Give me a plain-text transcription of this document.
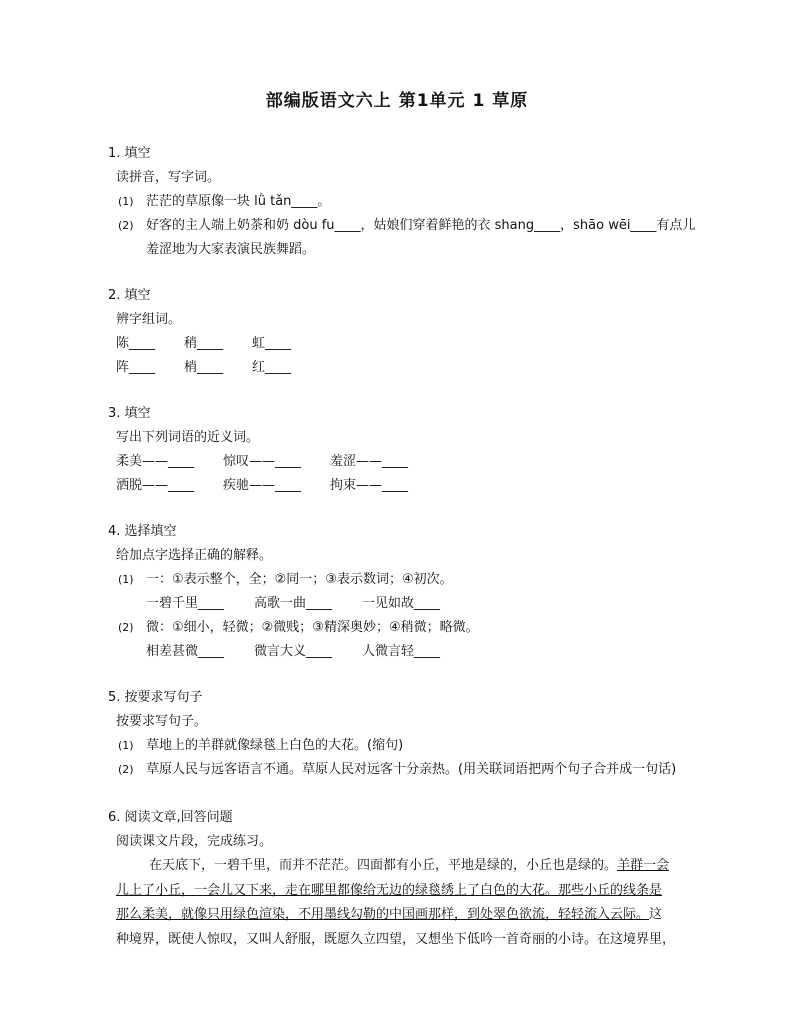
部编版语文六上 第1单元 1 草原
1. 填空
读拼音，写字词。
(1) 茫茫的草原像一块 lǜ tǎn____。
(2) 好客的主人端上奶茶和奶 dòu fu____，姑娘们穿着鲜艳的衣 shang____，shāo wēi____有点儿
羞涩地为大家表演民族舞蹈。
2. 填空
辨字组词。
陈____ 稍____ 虹____
阵____ 梢____ 红____
3. 填空
写出下列词语的近义词。
柔美——____ 惊叹——____ 羞涩——____
洒脱——____ 疾驰——____ 拘束——____
4. 选择填空
给加点字选择正确的解释。
(1) 一：①表示整个，全；②同一；③表示数词；④初次。
一碧千里____ 高歌一曲____ 一见如故____
(2) 微：①细小，轻微；②微贱；③精深奥妙；④稍微；略微。
相差甚微____ 微言大义____ 人微言轻____
5. 按要求写句子
按要求写句子。
(1) 草地上的羊群就像绿毯上白色的大花。(缩句)
(2) 草原人民与远客语言不通。草原人民对远客十分亲热。(用关联词语把两个句子合并成一句话)
6. 阅读文章,回答问题
阅读课文片段，完成练习。
在天底下，一碧千里，而并不茫茫。四面都有小丘，平地是绿的，小丘也是绿的。羊群一会
儿上了小丘，一会儿又下来，走在哪里都像给无边的绿毯绣上了白色的大花。那些小丘的线条是
那么柔美，就像只用绿色渲染，不用墨线勾勒的中国画那样，到处翠色欲流，轻轻流入云际。这
种境界，既使人惊叹，又叫人舒服，既愿久立四望，又想坐下低吟一首奇丽的小诗。在这境界里，
